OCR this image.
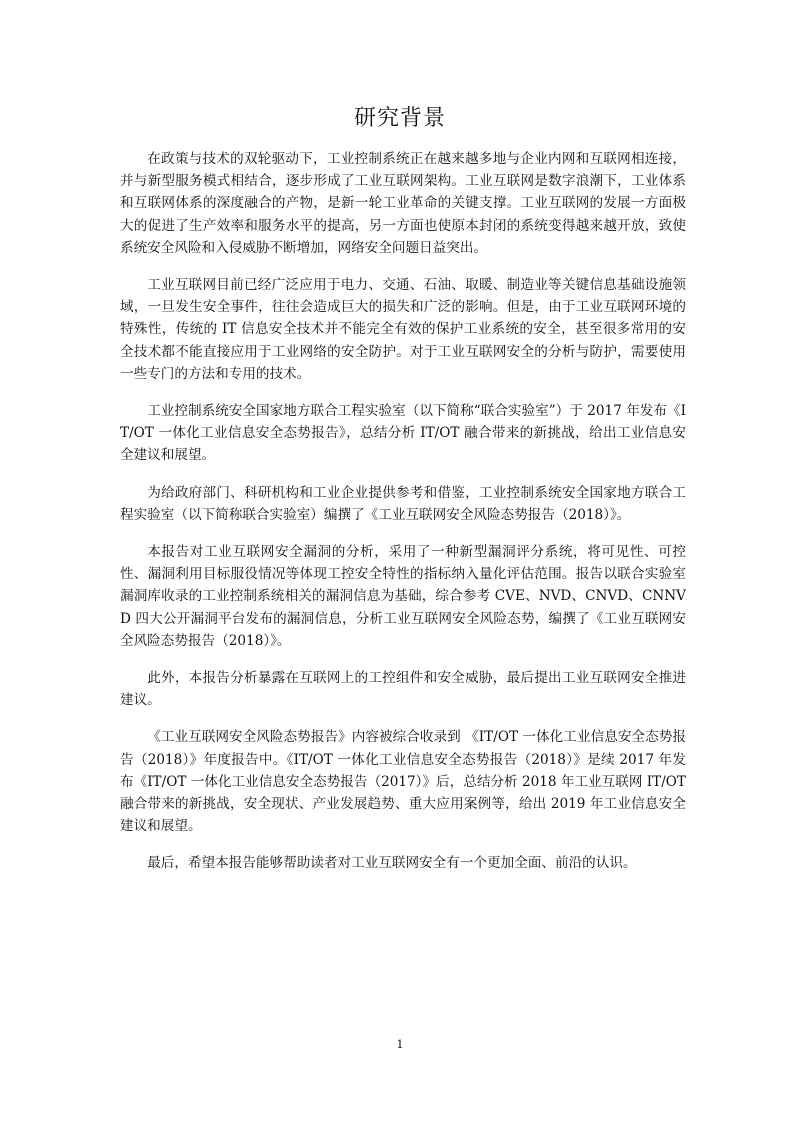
研究背景

在政策与技术的双轮驱动下，工业控制系统正在越来越多地与企业内网和互联网相连接，并与新型服务模式相结合，逐步形成了工业互联网架构。工业互联网是数字浪潮下，工业体系和互联网体系的深度融合的产物，是新一轮工业革命的关键支撑。工业互联网的发展一方面极大的促进了生产效率和服务水平的提高，另一方面也使原本封闭的系统变得越来越开放，致使系统安全风险和入侵威胁不断增加，网络安全问题日益突出。

工业互联网目前已经广泛应用于电力、交通、石油、取暖、制造业等关键信息基础设施领域，一旦发生安全事件，往往会造成巨大的损失和广泛的影响。但是，由于工业互联网环境的特殊性，传统的 IT 信息安全技术并不能完全有效的保护工业系统的安全，甚至很多常用的安全技术都不能直接应用于工业网络的安全防护。对于工业互联网安全的分析与防护，需要使用一些专门的方法和专用的技术。

工业控制系统安全国家地方联合工程实验室（以下简称“联合实验室”）于 2017 年发布《IT/OT 一体化工业信息安全态势报告》，总结分析 IT/OT 融合带来的新挑战，给出工业信息安全建议和展望。

为给政府部门、科研机构和工业企业提供参考和借鉴，工业控制系统安全国家地方联合工程实验室（以下简称联合实验室）编撰了《工业互联网安全风险态势报告（2018）》。

本报告对工业互联网安全漏洞的分析，采用了一种新型漏洞评分系统，将可见性、可控性、漏洞利用目标服役情况等体现工控安全特性的指标纳入量化评估范围。报告以联合实验室漏洞库收录的工业控制系统相关的漏洞信息为基础，综合参考 CVE、NVD、CNVD、CNNVD 四大公开漏洞平台发布的漏洞信息，分析工业互联网安全风险态势，编撰了《工业互联网安全风险态势报告（2018）》。

此外，本报告分析暴露在互联网上的工控组件和安全威胁，最后提出工业互联网安全推进建议。

《工业互联网安全风险态势报告》内容被综合收录到 《IT/OT 一体化工业信息安全态势报告（2018）》年度报告中。《IT/OT 一体化工业信息安全态势报告（2018）》是续 2017 年发布《IT/OT 一体化工业信息安全态势报告（2017）》后，总结分析 2018 年工业互联网 IT/OT 融合带来的新挑战，安全现状、产业发展趋势、重大应用案例等，给出 2019 年工业信息安全建议和展望。

最后，希望本报告能够帮助读者对工业互联网安全有一个更加全面、前沿的认识。

1
